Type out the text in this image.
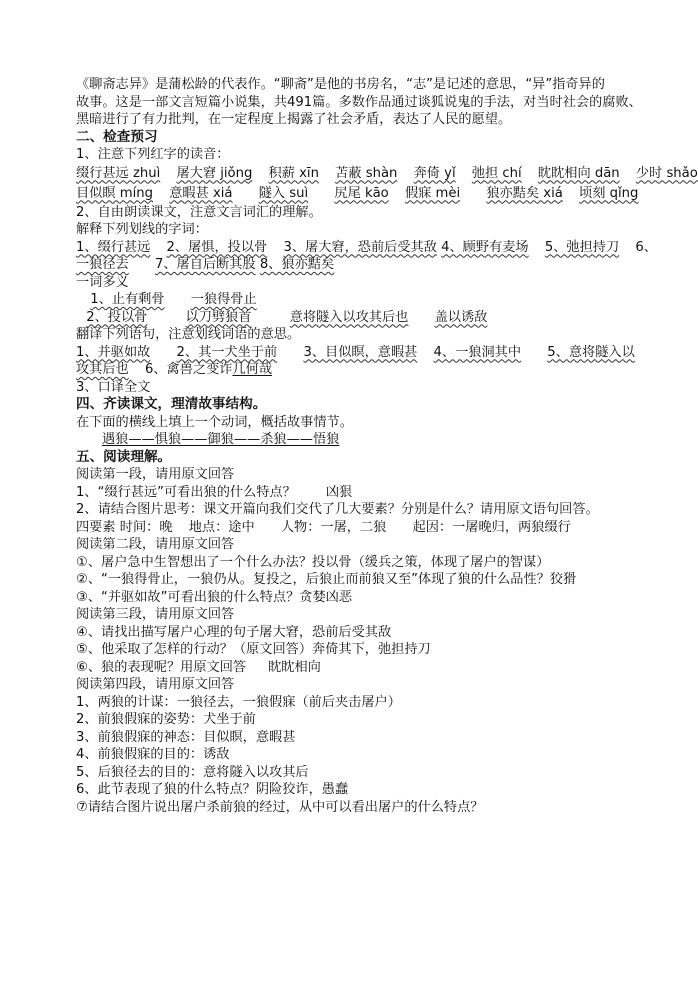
《聊斋志异》是蒲松龄的代表作。“聊斋”是他的书房名，“志”是记述的意思，“异”指奇异的
故事。这是一部文言短篇小说集，共491篇。多数作品通过谈狐说鬼的手法，对当时社会的腐败、
黑暗进行了有力批判，在一定程度上揭露了社会矛盾，表达了人民的愿望。
二、检查预习
1、注意下列红字的读音：
缀行甚远 zhuì 屠大窘 jiǒng 积薪 xīn 苫蔽 shàn 奔倚 yǐ 弛担 chí 眈眈相向 dān 少时 shǎo
目似瞑 míng 意暇甚 xiá 隧入 suì 尻尾 kāo 假寐 mèi 狼亦黠矣 xiá 顷刻 qǐng
2、自由朗读课文，注意文言词汇的理解。
解释下列划线的字词：
1、缀行甚远 2、屠惧，投以骨 3、屠大窘，恐前后受其敌 4、顾野有麦场 5、弛担持刀 6、
一狼径去 7、屠自后断其股 8、狼亦黠矣
一词多义
1、止有剩骨 一狼得骨止
2、投以骨	以刀劈狼首	意将隧入以攻其后也 盖以诱敌
翻译下列语句，注意划线词语的意思。
1、并驱如故 2、其一犬坐于前 3、目似瞑，意暇甚 4、一狼洞其中 5、意将隧入以
攻其后也 6、禽兽之变诈几何哉
3、口译全文
四、齐读课文，理清故事结构。
在下面的横线上填上一个动词，概括故事情节。
遇狼——惧狼——御狼——杀狼——悟狼
五、阅读理解。
阅读第一段，请用原文回答
1、“缀行甚远”可看出狼的什么特点？ 凶狠
2、请结合图片思考：课文开篇向我们交代了几大要素？分别是什么？请用原文语句回答。
四要素 时间：晚 地点：途中 人物：一屠，二狼 起因：一屠晚归，两狼缀行
阅读第二段，请用原文回答
①、屠户急中生智想出了一个什么办法？投以骨（缓兵之策，体现了屠户的智谋）
②、“一狼得骨止，一狼仍从。复投之，后狼止而前狼又至”体现了狼的什么品性？狡猾
③、“并驱如故”可看出狼的什么特点？贪婪凶恶
阅读第三段，请用原文回答
④、请找出描写屠户心理的句子屠大窘，恐前后受其敌
⑤、他采取了怎样的行动？（原文回答）奔倚其下，弛担持刀
⑥、狼的表现呢？用原文回答 眈眈相向
阅读第四段，请用原文回答
1、两狼的计谋：一狼径去，一狼假寐（前后夹击屠户）
2、前狼假寐的姿势：犬坐于前
3、前狼假寐的神态：目似瞑，意暇甚
4、前狼假寐的目的：诱敌
5、后狼径去的目的：意将隧入以攻其后
6、此节表现了狼的什么特点？阴险狡诈，愚蠢
⑦请结合图片说出屠户杀前狼的经过，从中可以看出屠户的什么特点？
